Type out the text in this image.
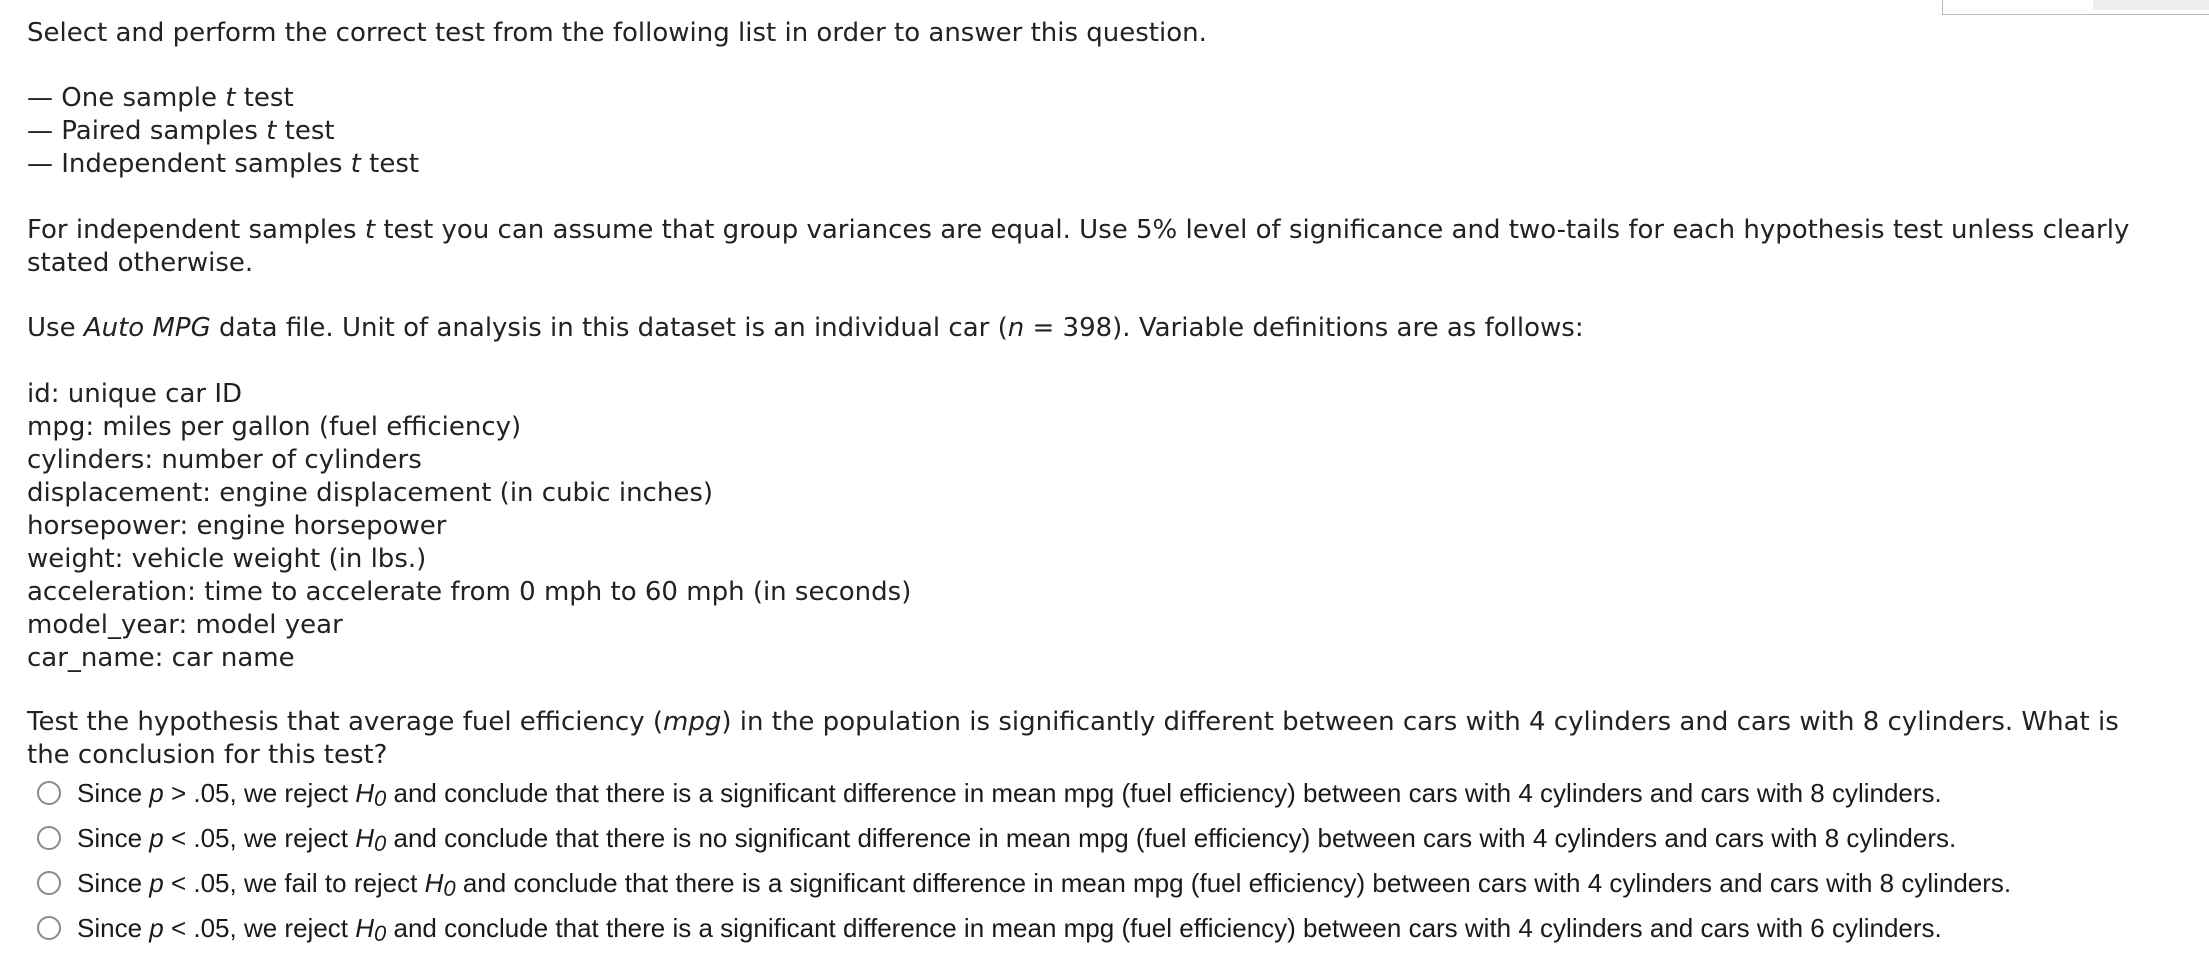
Select and perform the correct test from the following list in order to answer this question.
— One sample t test
— Paired samples t test
— Independent samples t test
For independent samples t test you can assume that group variances are equal. Use 5% level of significance and two-tails for each hypothesis test unless clearly stated otherwise.
Use Auto MPG data file. Unit of analysis in this dataset is an individual car (n = 398). Variable definitions are as follows:
id: unique car ID
mpg: miles per gallon (fuel efficiency)
cylinders: number of cylinders
displacement: engine displacement (in cubic inches)
horsepower: engine horsepower
weight: vehicle weight (in lbs.)
acceleration: time to accelerate from 0 mph to 60 mph (in seconds)
model_year: model year
car_name: car name
Test the hypothesis that average fuel efficiency (mpg) in the population is significantly different between cars with 4 cylinders and cars with 8 cylinders. What is the conclusion for this test?
Since p > .05, we reject H0 and conclude that there is a significant difference in mean mpg (fuel efficiency) between cars with 4 cylinders and cars with 8 cylinders.
Since p < .05, we reject H0 and conclude that there is no significant difference in mean mpg (fuel efficiency) between cars with 4 cylinders and cars with 8 cylinders.
Since p < .05, we fail to reject H0 and conclude that there is a significant difference in mean mpg (fuel efficiency) between cars with 4 cylinders and cars with 8 cylinders.
Since p < .05, we reject H0 and conclude that there is a significant difference in mean mpg (fuel efficiency) between cars with 4 cylinders and cars with 6 cylinders.
